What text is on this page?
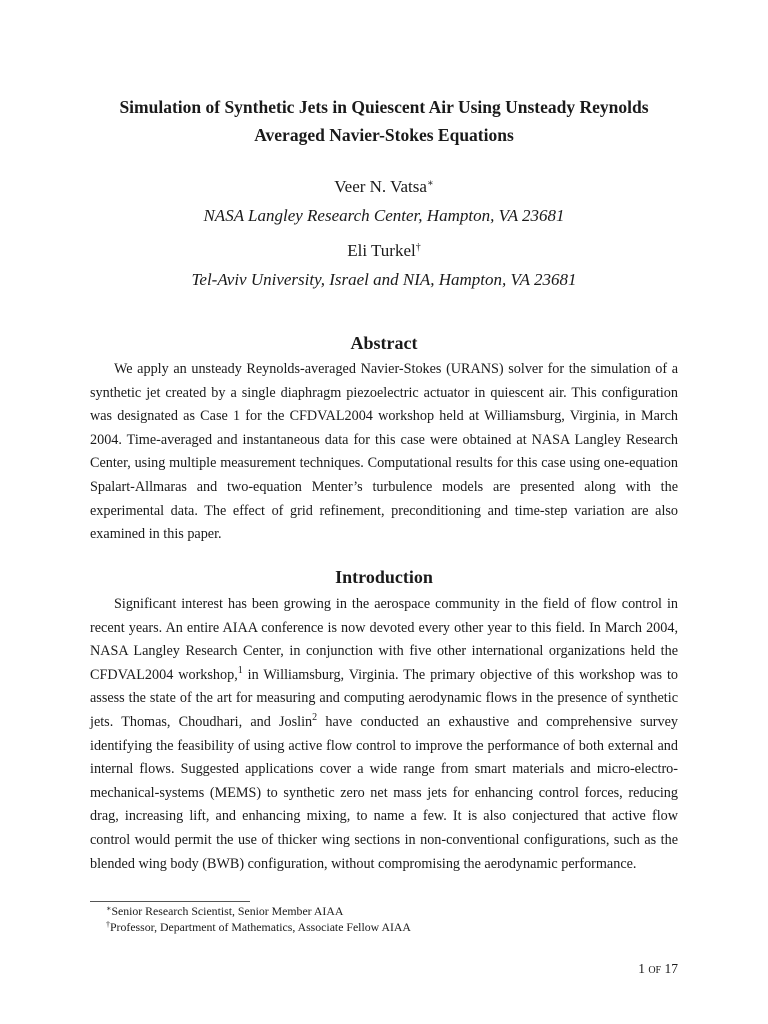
Simulation of Synthetic Jets in Quiescent Air Using Unsteady Reynolds
Averaged Navier-Stokes Equations
Veer N. Vatsa∗
NASA Langley Research Center, Hampton, VA 23681
Eli Turkel†
Tel-Aviv University, Israel and NIA, Hampton, VA 23681
Abstract

We apply an unsteady Reynolds-averaged Navier-Stokes (URANS) solver for the simulation of a synthetic jet created by a single diaphragm piezoelectric actuator in quiescent air. This configuration was designated as Case 1 for the CFDVAL2004 workshop held at Williamsburg, Virginia, in March 2004. Time-averaged and instantaneous data for this case were obtained at NASA Langley Research Center, using multiple measurement techniques. Computational results for this case using one-equation Spalart-Allmaras and two-equation Menter’s turbulence models are presented along with the experimental data. The effect of grid refinement, preconditioning and time-step variation are also examined in this paper.

Introduction

Significant interest has been growing in the aerospace community in the field of flow control in recent years. An entire AIAA conference is now devoted every other year to this field. In March 2004, NASA Langley Research Center, in conjunction with five other international organizations held the CFDVAL2004 workshop,$^1$ in Williamsburg, Virginia. The primary objective of this workshop was to assess the state of the art for measuring and computing aerodynamic flows in the presence of synthetic jets. Thomas, Choudhari, and Joslin$^2$ have conducted an exhaustive and comprehensive survey identifying the feasibility of using active flow control to improve the performance of both external and internal flows. Suggested applications cover a wide range from smart materials and micro-electro-mechanical-systems (MEMS) to synthetic zero net mass jets for enhancing control forces, reducing drag, increasing lift, and enhancing mixing, to name a few. It is also conjectured that active flow control would permit the use of thicker wing sections in non-conventional configurations, such as the blended wing body (BWB) configuration, without compromising the aerodynamic performance.

∗Senior Research Scientist, Senior Member AIAA
†Professor, Department of Mathematics, Associate Fellow AIAA
1 OF 17
